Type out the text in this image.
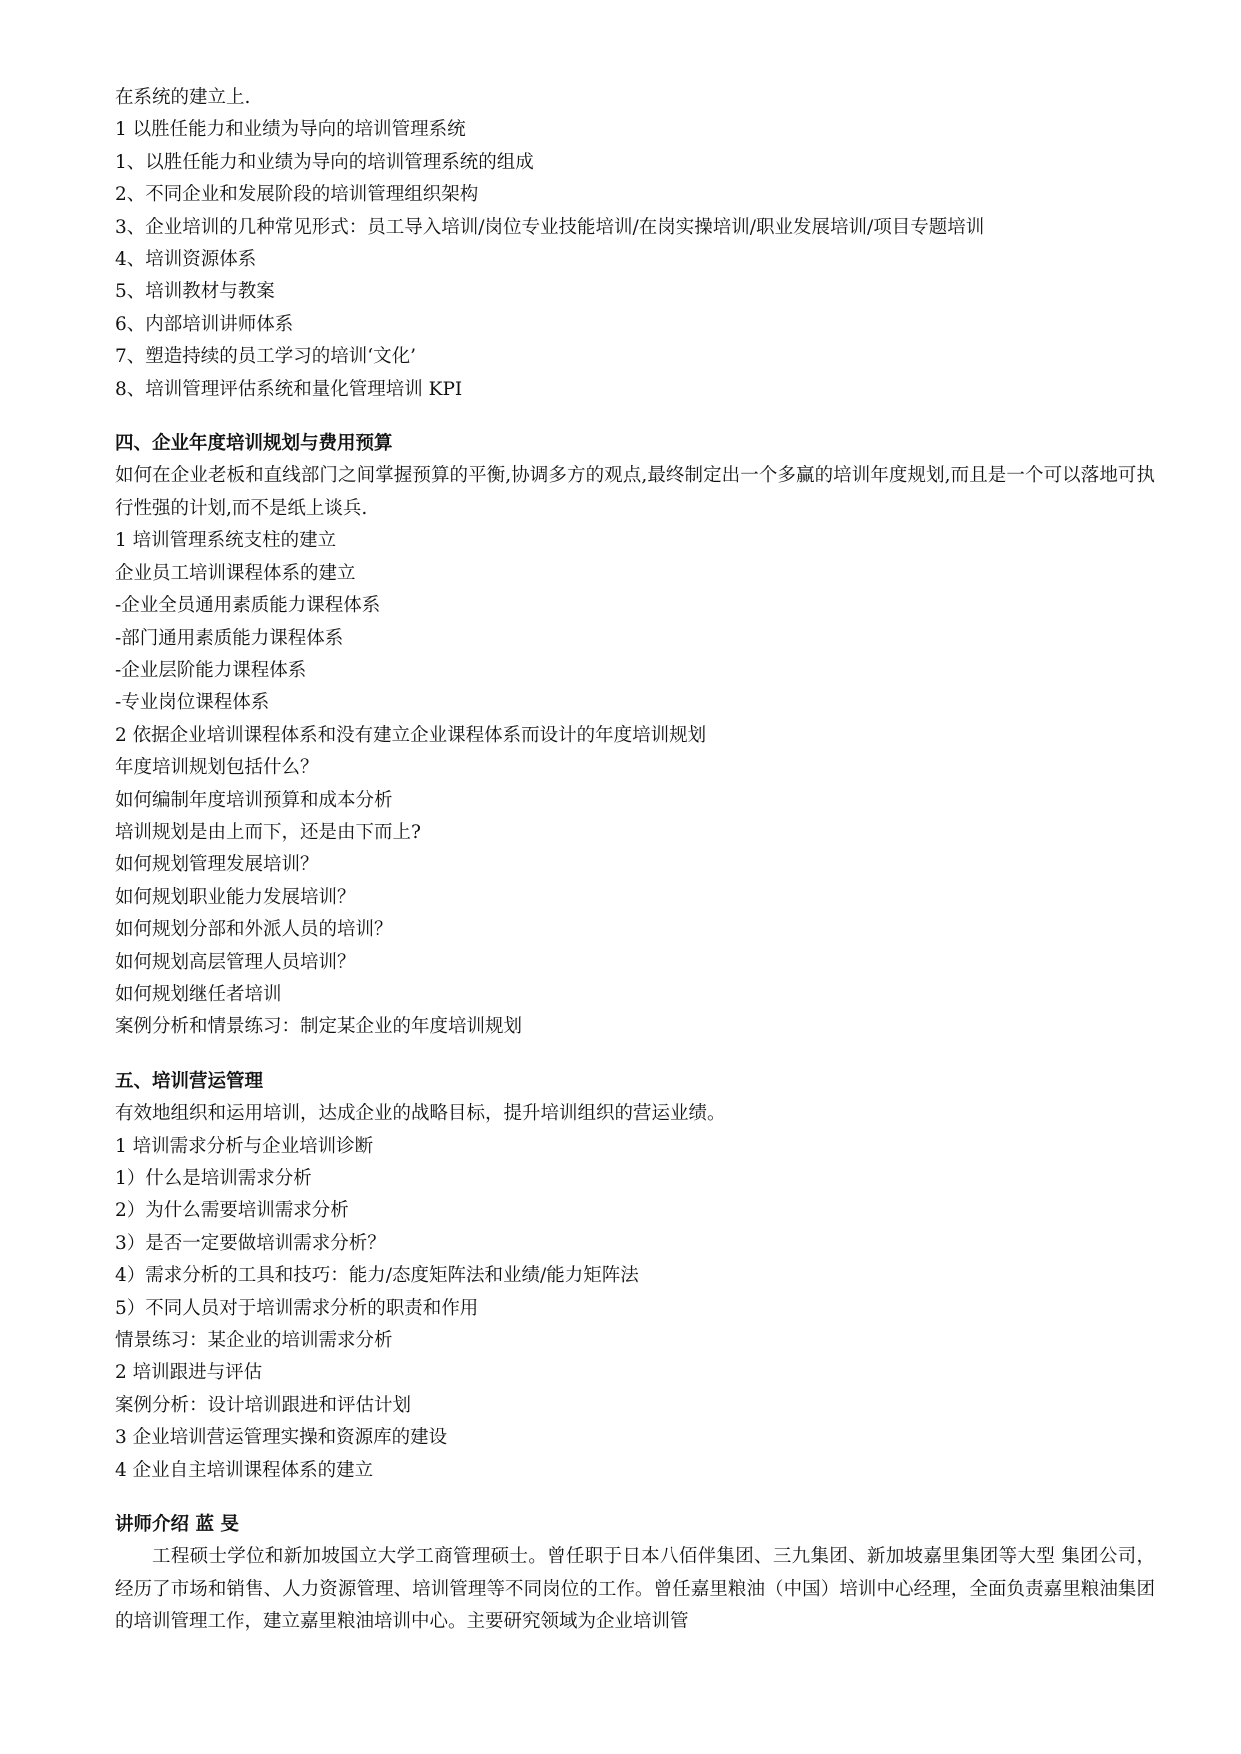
在系统的建立上.
1 以胜任能力和业绩为导向的培训管理系统
1、以胜任能力和业绩为导向的培训管理系统的组成
2、不同企业和发展阶段的培训管理组织架构
3、企业培训的几种常见形式：员工导入培训/岗位专业技能培训/在岗实操培训/职业发展培训/项目专题培训
4、培训资源体系
5、培训教材与教案
6、内部培训讲师体系
7、塑造持续的员工学习的培训‘文化’
8、培训管理评估系统和量化管理培训 KPI
四、企业年度培训规划与费用预算
如何在企业老板和直线部门之间掌握预算的平衡,协调多方的观点,最终制定出一个多赢的培训年度规划,而且是一个可以落地可执行性强的计划,而不是纸上谈兵.
1 培训管理系统支柱的建立
企业员工培训课程体系的建立
-企业全员通用素质能力课程体系
-部门通用素质能力课程体系
-企业层阶能力课程体系
-专业岗位课程体系
2 依据企业培训课程体系和没有建立企业课程体系而设计的年度培训规划
年度培训规划包括什么？
如何编制年度培训预算和成本分析
培训规划是由上而下，还是由下而上?
如何规划管理发展培训？
如何规划职业能力发展培训？
如何规划分部和外派人员的培训？
如何规划高层管理人员培训？
如何规划继任者培训
案例分析和情景练习：制定某企业的年度培训规划
五、培训营运管理
有效地组织和运用培训，达成企业的战略目标，提升培训组织的营运业绩。
1 培训需求分析与企业培训诊断
1）什么是培训需求分析
2）为什么需要培训需求分析
3）是否一定要做培训需求分析？
4）需求分析的工具和技巧：能力/态度矩阵法和业绩/能力矩阵法
5）不同人员对于培训需求分析的职责和作用
情景练习：某企业的培训需求分析
2 培训跟进与评估
案例分析：设计培训跟进和评估计划
3 企业培训营运管理实操和资源库的建设
4 企业自主培训课程体系的建立
讲师介绍 蓝 旻
工程硕士学位和新加坡国立大学工商管理硕士。曾任职于日本八佰伴集团、三九集团、新加坡嘉里集团等大型 集团公司，经历了市场和销售、人力资源管理、培训管理等不同岗位的工作。曾任嘉里粮油（中国）培训中心经理，全面负责嘉里粮油集团的培训管理工作，建立嘉里粮油培训中心。主要研究领域为企业培训管
